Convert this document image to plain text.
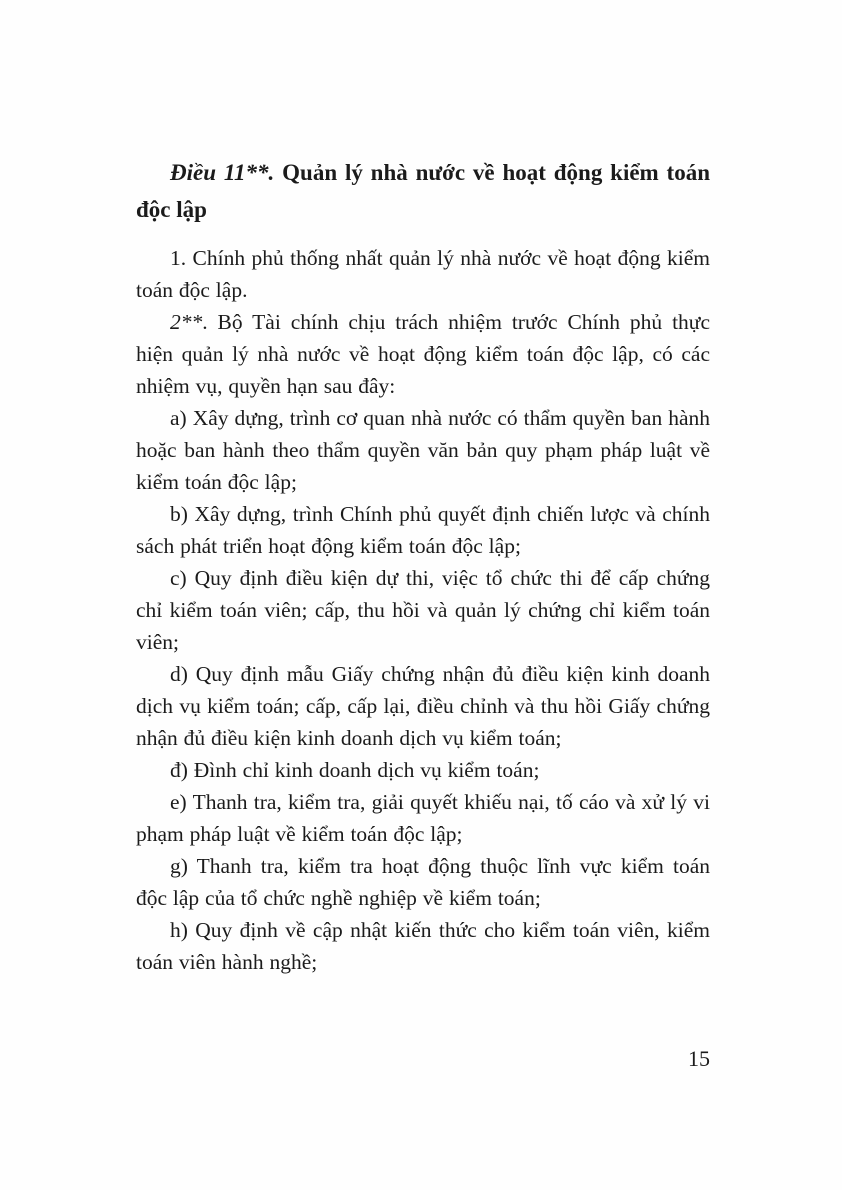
Điều 11**. Quản lý nhà nước về hoạt động kiểm toán độc lập

1. Chính phủ thống nhất quản lý nhà nước về hoạt động kiểm toán độc lập.

2**. Bộ Tài chính chịu trách nhiệm trước Chính phủ thực hiện quản lý nhà nước về hoạt động kiểm toán độc lập, có các nhiệm vụ, quyền hạn sau đây:

a) Xây dựng, trình cơ quan nhà nước có thẩm quyền ban hành hoặc ban hành theo thẩm quyền văn bản quy phạm pháp luật về kiểm toán độc lập;

b) Xây dựng, trình Chính phủ quyết định chiến lược và chính sách phát triển hoạt động kiểm toán độc lập;

c) Quy định điều kiện dự thi, việc tổ chức thi để cấp chứng chỉ kiểm toán viên; cấp, thu hồi và quản lý chứng chỉ kiểm toán viên;

d) Quy định mẫu Giấy chứng nhận đủ điều kiện kinh doanh dịch vụ kiểm toán; cấp, cấp lại, điều chỉnh và thu hồi Giấy chứng nhận đủ điều kiện kinh doanh dịch vụ kiểm toán;

đ) Đình chỉ kinh doanh dịch vụ kiểm toán;

e) Thanh tra, kiểm tra, giải quyết khiếu nại, tố cáo và xử lý vi phạm pháp luật về kiểm toán độc lập;

g) Thanh tra, kiểm tra hoạt động thuộc lĩnh vực kiểm toán độc lập của tổ chức nghề nghiệp về kiểm toán;

h) Quy định về cập nhật kiến thức cho kiểm toán viên, kiểm toán viên hành nghề;

15
